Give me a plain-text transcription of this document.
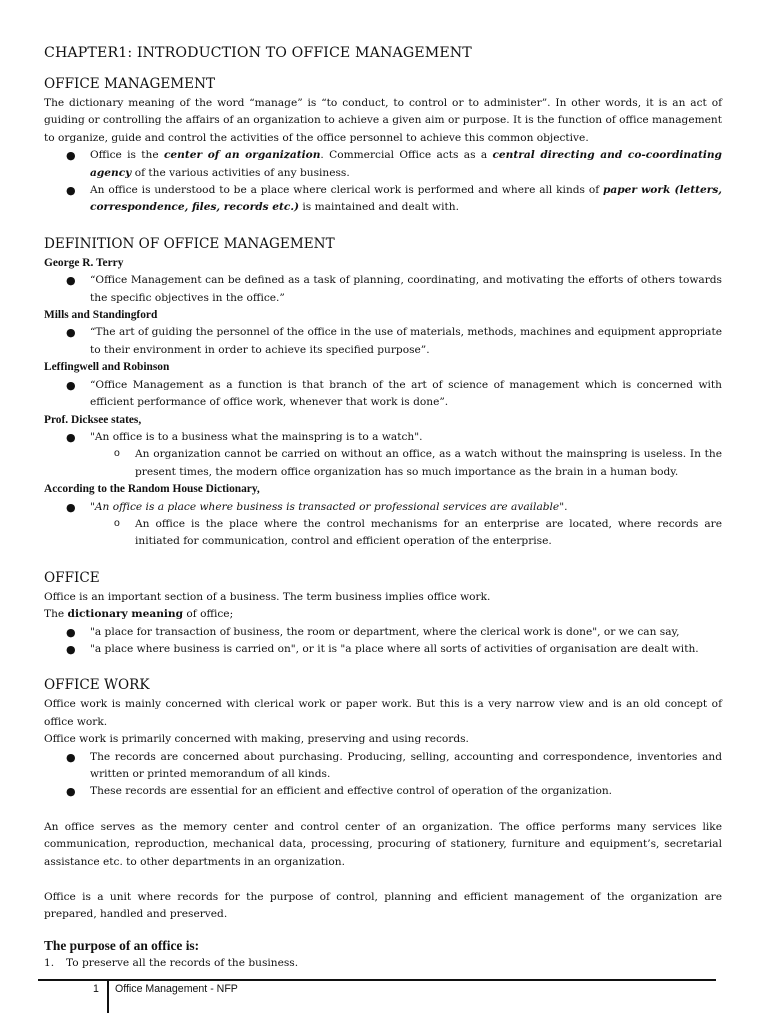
CHAPTER1: INTRODUCTION TO OFFICE MANAGEMENT

OFFICE MANAGEMENT

The dictionary meaning of the word “manage” is “to conduct, to control or to administer”. In other words, it is an act of guiding or controlling the affairs of an organization to achieve a given aim or purpose. It is the function of office management to organize, guide and control the activities of the office personnel to achieve this common objective.

● Office is the center of an organization. Commercial Office acts as a central directing and co-coordinating agency of the various activities of any business.
● An office is understood to be a place where clerical work is performed and where all kinds of paper work (letters, correspondence, files, records etc.) is maintained and dealt with.

DEFINITION OF OFFICE MANAGEMENT

George R. Terry

● “Office Management can be defined as a task of planning, coordinating, and motivating the efforts of others towards the specific objectives in the office.”

Mills and Standingford

● “The art of guiding the personnel of the office in the use of materials, methods, machines and equipment appropriate to their environment in order to achieve its specified purpose”.

Leffingwell and Robinson

● “Office Management as a function is that branch of the art of science of management which is concerned with efficient performance of office work, whenever that work is done”.

Prof. Dicksee states,

● "An office is to a business what the mainspring is to a watch".
o An organization cannot be carried on without an office, as a watch without the mainspring is useless. In the present times, the modern office organization has so much importance as the brain in a human body.

According to the Random House Dictionary,

● "An office is a place where business is transacted or professional services are available".
o An office is the place where the control mechanisms for an enterprise are located, where records are initiated for communication, control and efficient operation of the enterprise.

OFFICE

Office is an important section of a business. The term business implies office work.

The dictionary meaning of office;

● "a place for transaction of business, the room or department, where the clerical work is done", or we can say,
● "a place where business is carried on", or it is "a place where all sorts of activities of organisation are dealt with.

OFFICE WORK

Office work is mainly concerned with clerical work or paper work. But this is a very narrow view and is an old concept of office work.

Office work is primarily concerned with making, preserving and using records.

● The records are concerned about purchasing. Producing, selling, accounting and correspondence, inventories and written or printed memorandum of all kinds.
● These records are essential for an efficient and effective control of operation of the organization.

An office serves as the memory center and control center of an organization. The office performs many services like communication, reproduction, mechanical data, processing, procuring of stationery, furniture and equipment’s, secretarial assistance etc. to other departments in an organization.

Office is a unit where records for the purpose of control, planning and efficient management of the organization are prepared, handled and preserved.

The purpose of an office is:

1. To preserve all the records of the business.
1 Office Management - NFP
